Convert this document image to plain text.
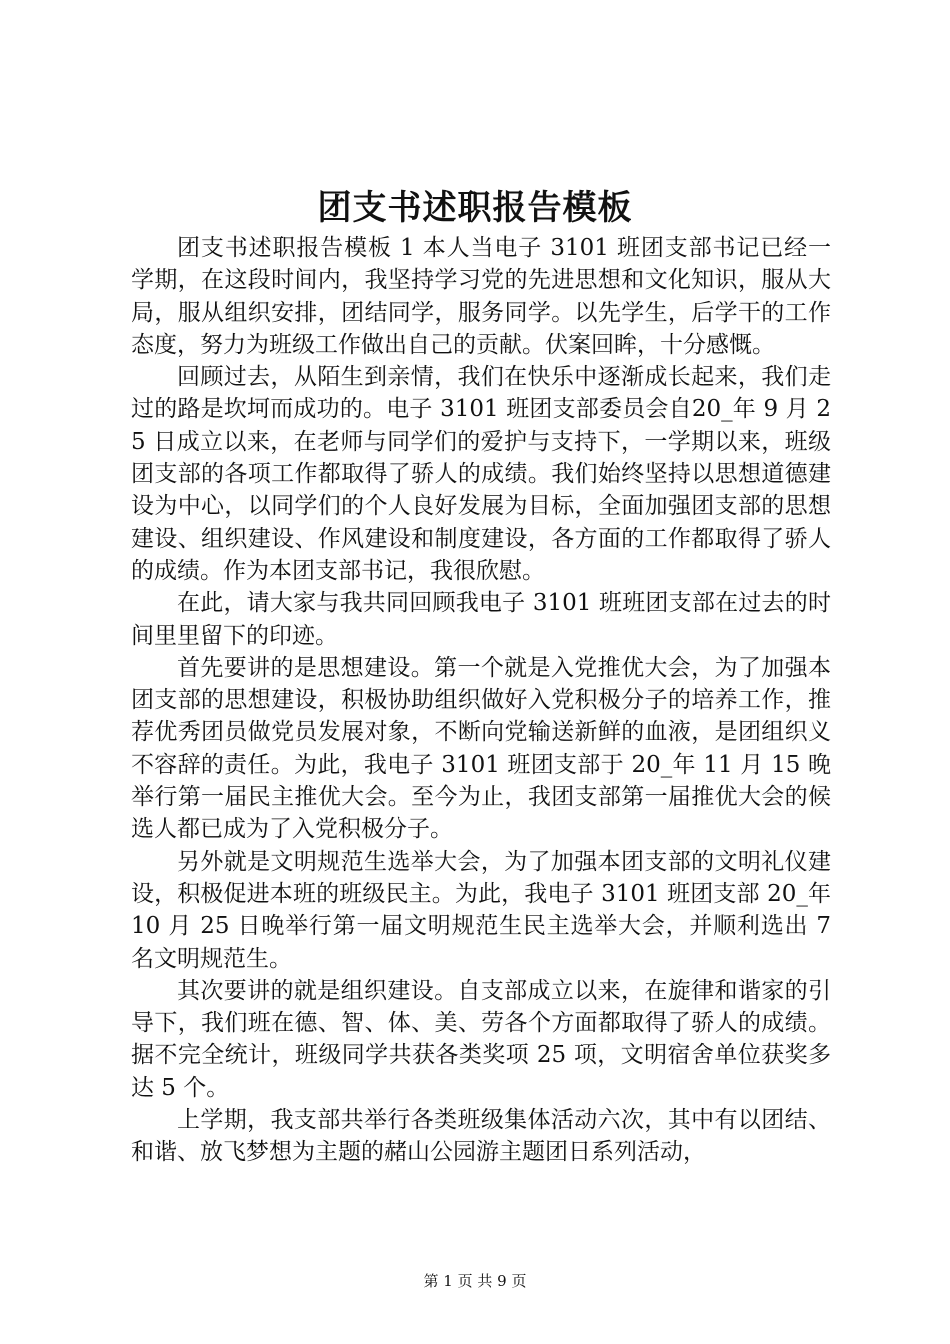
团支书述职报告模板

团支书述职报告模板 1 本人当电子 3101 班团支部书记已经一学期，在这段时间内，我坚持学习党的先进思想和文化知识，服从大局，服从组织安排，团结同学，服务同学。以先学生，后学干的工作态度，努力为班级工作做出自己的贡献。伏案回眸，十分感慨。

回顾过去，从陌生到亲情，我们在快乐中逐渐成长起来，我们走过的路是坎坷而成功的。电子 3101 班团支部委员会自20_年 9 月 25 日成立以来，在老师与同学们的爱护与支持下，一学期以来，班级团支部的各项工作都取得了骄人的成绩。我们始终坚持以思想道德建设为中心，以同学们的个人良好发展为目标，全面加强团支部的思想建设、组织建设、作风建设和制度建设，各方面的工作都取得了骄人的成绩。作为本团支部书记，我很欣慰。

在此，请大家与我共同回顾我电子 3101 班班团支部在过去的时间里里留下的印迹。

首先要讲的是思想建设。第一个就是入党推优大会，为了加强本团支部的思想建设，积极协助组织做好入党积极分子的培养工作，推荐优秀团员做党员发展对象，不断向党输送新鲜的血液，是团组织义不容辞的责任。为此，我电子 3101 班团支部于 20_年 11 月 15 晚举行第一届民主推优大会。至今为止，我团支部第一届推优大会的候选人都已成为了入党积极分子。

另外就是文明规范生选举大会，为了加强本团支部的文明礼仪建设，积极促进本班的班级民主。为此，我电子 3101 班团支部 20_年 10 月 25 日晚举行第一届文明规范生民主选举大会，并顺利选出 7 名文明规范生。

其次要讲的就是组织建设。自支部成立以来，在旋律和谐家的引导下，我们班在德、智、体、美、劳各个方面都取得了骄人的成绩。据不完全统计，班级同学共获各类奖项 25 项，文明宿舍单位获奖多达 5 个。

上学期，我支部共举行各类班级集体活动六次，其中有以团结、和谐、放飞梦想为主题的赭山公园游主题团日系列活动，

第 1 页 共 9 页
